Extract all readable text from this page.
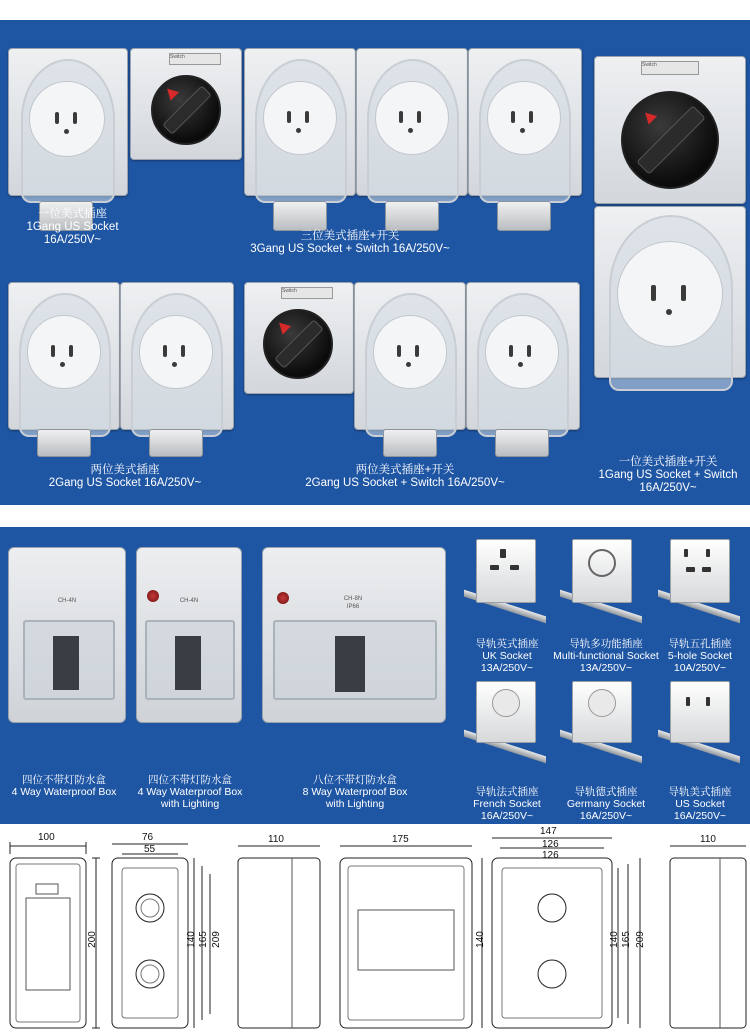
一位美式插座
1Gang US Socket 16A/250V~
Switch
三位美式插座+开关
3Gang US Socket + Switch 16A/250V~
Switch
一位美式插座+开关
1Gang US Socket + Switch
16A/250V~
两位美式插座
2Gang US Socket 16A/250V~
Switch
两位美式插座+开关
2Gang US Socket + Switch 16A/250V~
CH-4N
四位不带灯防水盒
4 Way Waterproof Box
CH-4N
四位不带灯防水盒
4 Way Waterproof Box
with Lighting
CH-8N
IP66
八位不带灯防水盒
8 Way Waterproof Box
with Lighting
导轨英式插座
UK Socket
13A/250V~
导轨多功能插座
Multi-functional Socket
13A/250V~
导轨五孔插座
5-hole Socket
10A/250V~
导轨法式插座
French Socket
16A/250V~
导轨德式插座
Germany Socket
16A/250V~
导轨美式插座
US Socket
16A/250V~
100
200
76
55
140 165 209
110	175
140
147
126
126
140 165 209
110
